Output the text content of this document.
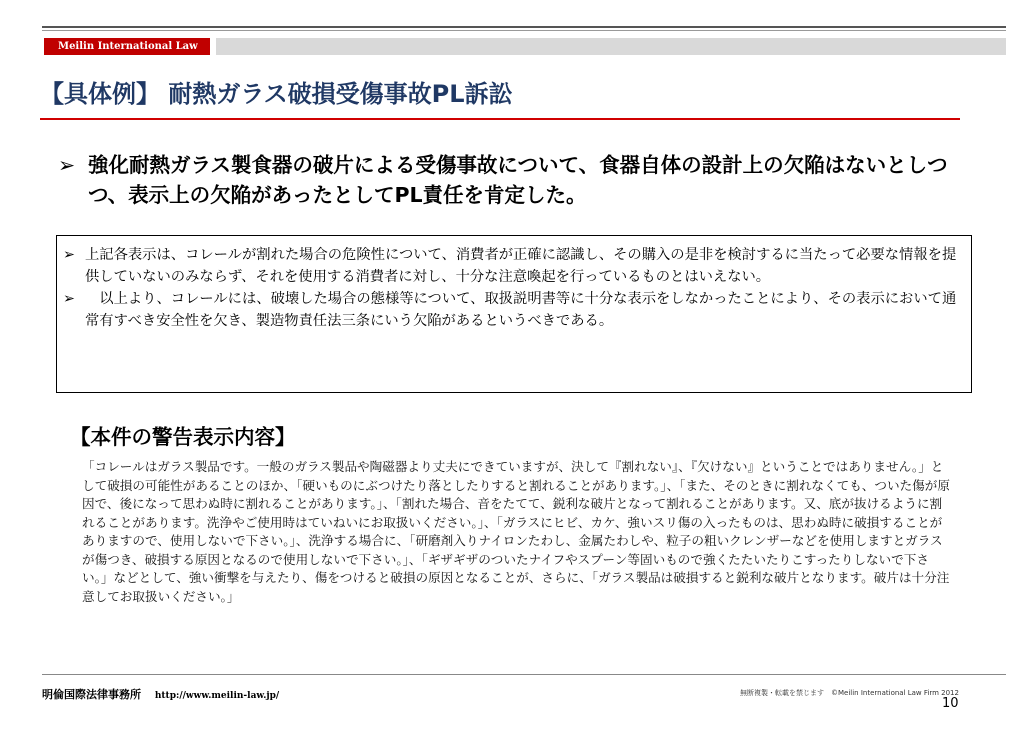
Meilin International Law Firm
【具体例】 耐熱ガラス破損受傷事故PL訴訟
➢ 強化耐熱ガラス製食器の破片による受傷事故について、食器自体の設計上の欠陥はないとしつつ、表示上の欠陥があったとしてPL責任を肯定した。
➢ 上記各表示は、コレールが割れた場合の危険性について、消費者が正確に認識し、その購入の是非を検討するに当たって必要な情報を提供していないのみならず、それを使用する消費者に対し、十分な注意喚起を行っているものとはいえない。
➢ 　以上より、コレールには、破壊した場合の態様等について、取扱説明書等に十分な表示をしなかったことにより、その表示において通常有すべき安全性を欠き、製造物責任法三条にいう欠陥があるというべきである。
【本件の警告表示内容】
「コレールはガラス製品です。一般のガラス製品や陶磁器より丈夫にできていますが、決して『割れない』、『欠けない』ということではありません。」として破損の可能性があることのほか、「硬いものにぶつけたり落としたりすると割れることがあります。」、「また、そのときに割れなくても、ついた傷が原因で、後になって思わぬ時に割れることがあります。」、「割れた場合、音をたてて、鋭利な破片となって割れることがあります。又、底が抜けるように割れることがあります。洗浄やご使用時はていねいにお取扱いください。」、「ガラスにヒビ、カケ、強いスリ傷の入ったものは、思わぬ時に破損することがありますので、使用しないで下さい。」、洗浄する場合に、「研磨剤入りナイロンたわし、金属たわしや、粒子の粗いクレンザーなどを使用しますとガラスが傷つき、破損する原因となるので使用しないで下さい。」、「ギザギザのついたナイフやスプーン等固いもので強くたたいたりこすったりしないで下さい。」などとして、強い衝撃を与えたり、傷をつけると破損の原因となることが、さらに、「ガラス製品は破損すると鋭利な破片となります。破片は十分注意してお取扱いください。」
明倫国際法律事務所 http://www.meilin-law.jp/	無断複製・転載を禁じます　©Meilin International Law Firm 2012
10
